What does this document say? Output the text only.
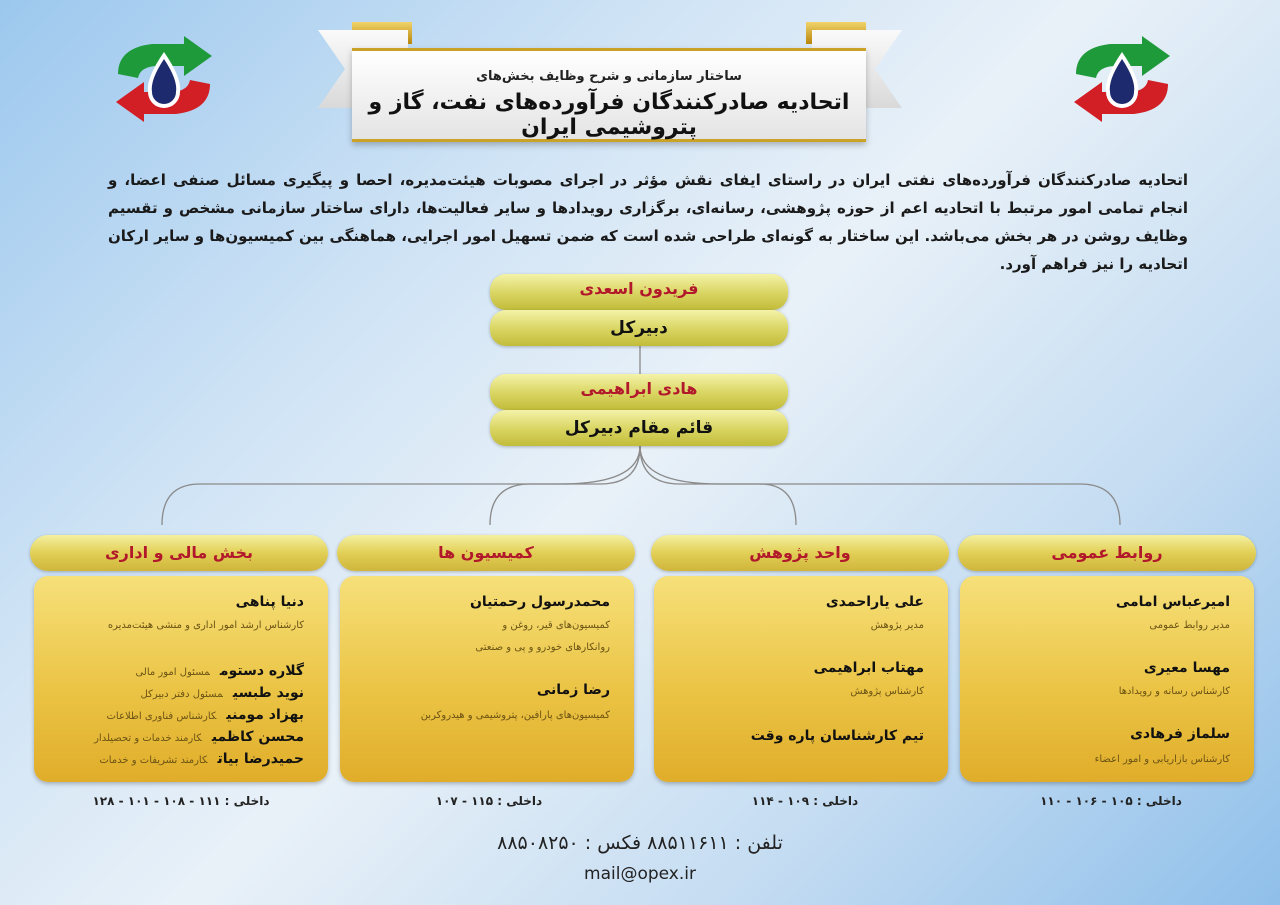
ساختار سازمانی و شرح وظایف بخش‌های
اتحادیه صادرکنندگان فرآورده‌های نفت، گاز و پتروشیمی ایران
اتحادیه صادرکنندگان فرآورده‌های نفتی ایران در راستای ایفای نقش مؤثر در اجرای مصوبات هیئت‌مدیره، احصا و پیگیری مسائل صنفی اعضا، و انجام تمامی امور مرتبط با اتحادیه اعم از حوزه پژوهشی، رسانه‌ای، برگزاری رویدادها و سایر فعالیت‌ها، دارای ساختار سازمانی مشخص و تقسیم وظایف روشن در هر بخش می‌باشد. این ساختار به گونه‌ای طراحی شده است که ضمن تسهیل امور اجرایی، هماهنگی بین کمیسیون‌ها و سایر ارکان اتحادیه را نیز فراهم آورد.
فریدون اسعدی
دبیرکل
هادی ابراهیمی
قائم مقام دبیرکل
روابط عمومی
واحد پژوهش
کمیسیون ها
بخش مالی و اداری
امیرعباس امامی
مدیر روابط عمومی
مهسا معیری
کارشناس رسانه و رویدادها
سلماز فرهادی
کارشناس بازاریابی و امور اعضاء
علی یاراحمدی
مدیر پژوهش
مهتاب ابراهیمی
کارشناس پژوهش
تیم کارشناسان پاره وقت
محمدرسول رحمتیان
کمیسیون‌های قیر، روغن و
روانکارهای خودرو و پی و صنعتی
رضا زمانی
کمیسیون‌های پارافین، پتروشیمی و هیدروکربن
دنیا پناهی
کارشناس ارشد امور اداری و منشی هیئت‌مدیره
گلاره دستوممسئول امور مالی
نوید طبسیمسئول دفتر دبیرکل
بهزاد مومنیکارشناس فناوری اطلاعات
محسن کاظمیکارمند خدمات و تحصیلدار
حمیدرضا بیاتکارمند تشریفات و خدمات
داخلی : ۱۰۵ - ۱۰۶ - ۱۱۰
داخلی : ۱۰۹ - ۱۱۴
داخلی : ۱۱۵ - ۱۰۷
داخلی : ۱۱۱ - ۱۰۸ - ۱۰۱ - ۱۲۸
تلفن : ۸۸۵۱۱۶۱۱ فکس : ۸۸۵۰۸۲۵۰
mail@opex.ir
